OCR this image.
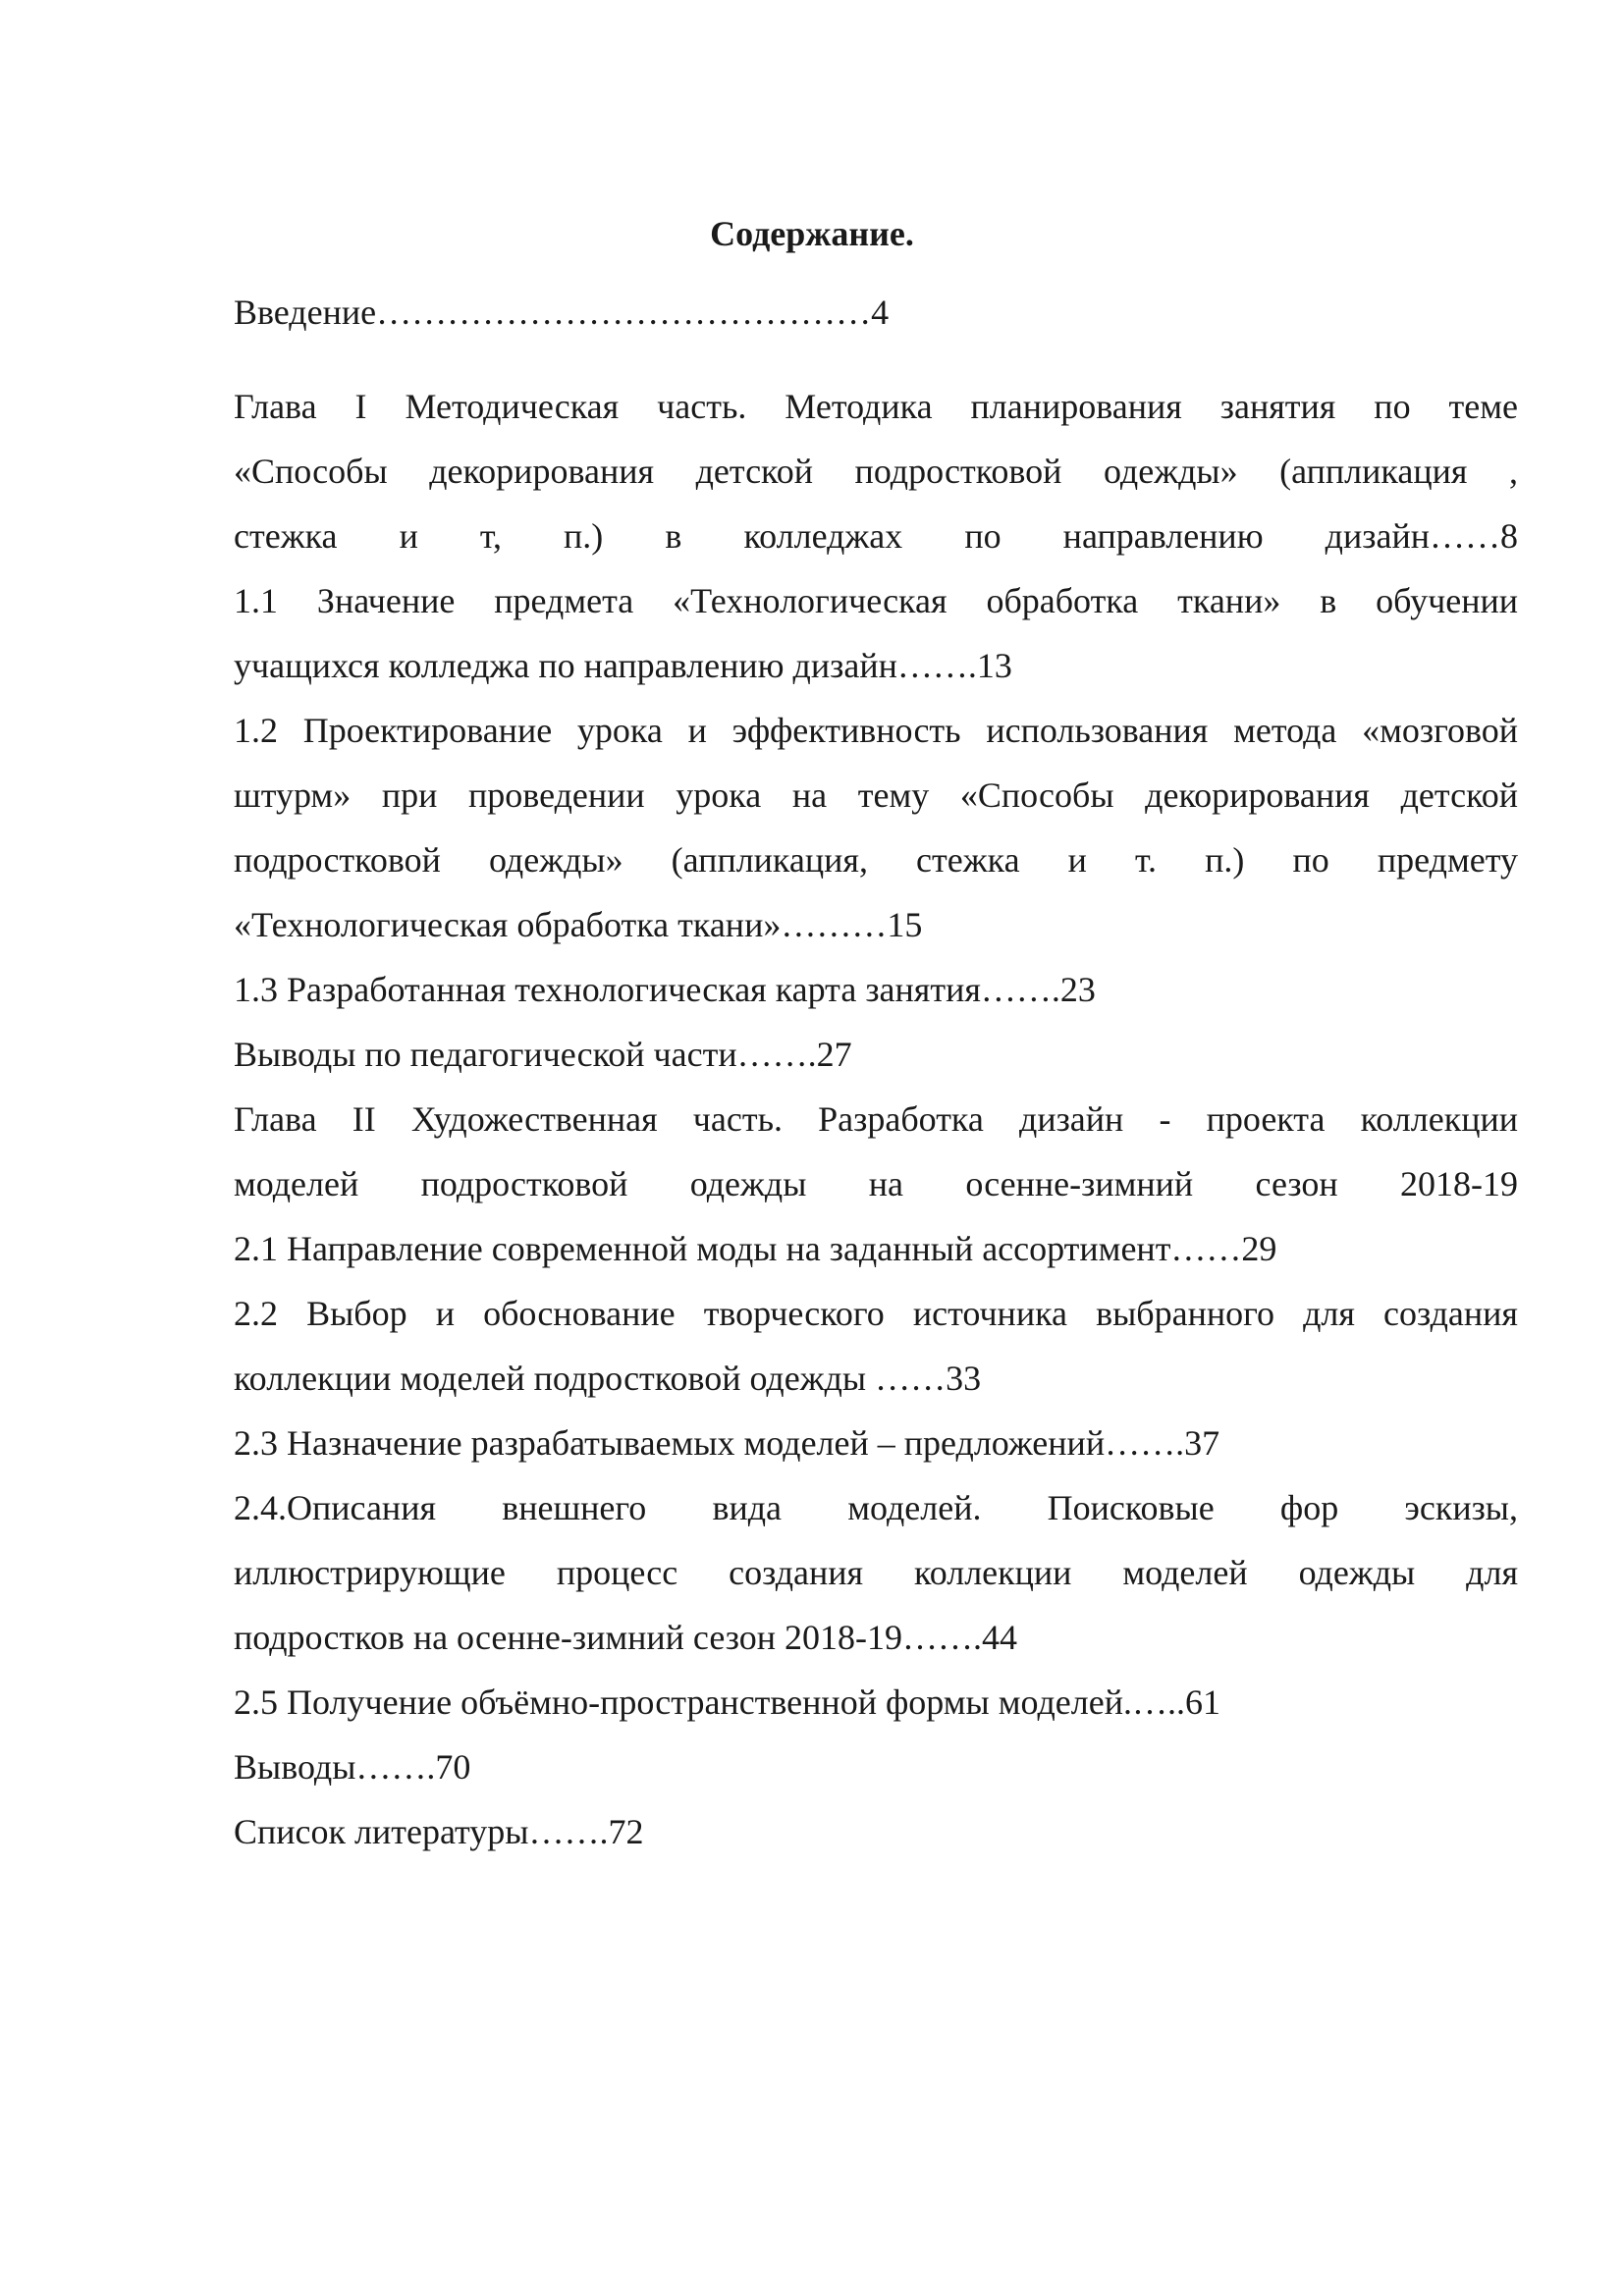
Содержание.
Введение……………………………………4
Глава I Методическая часть. Методика планирования занятия по теме
«Способы декорирования детской подростковой одежды» (аппликация ,
стежка и т, п.) в колледжах по направлению дизайн……8
1.1 Значение предмета «Технологическая обработка ткани» в обучении
учащихся колледжа по направлению дизайн…….13
1.2 Проектирование урока и эффективность использования метода «мозговой
штурм» при проведении урока на тему «Способы декорирования детской
подростковой одежды» (аппликация, стежка и т. п.) по предмету
«Технологическая обработка ткани»………15
1.3 Разработанная технологическая карта занятия…….23
Выводы по педагогической части…….27
Глава II Художественная часть. Разработка дизайн - проекта коллекции
моделей подростковой одежды на осенне-зимний сезон 2018-19
2.1 Направление современной моды на заданный ассортимент……29
2.2 Выбор и обоснование творческого источника выбранного для создания
коллекции моделей подростковой одежды ……33
2.3 Назначение разрабатываемых моделей – предложений…….37
2.4.Описания внешнего вида моделей. Поисковые фор эскизы,
иллюстрирующие процесс создания коллекции моделей одежды для
подростков на осенне-зимний сезон 2018-19…….44
2.5 Получение объёмно-пространственной формы моделей.…..61
Выводы…….70
Список литературы…….72
